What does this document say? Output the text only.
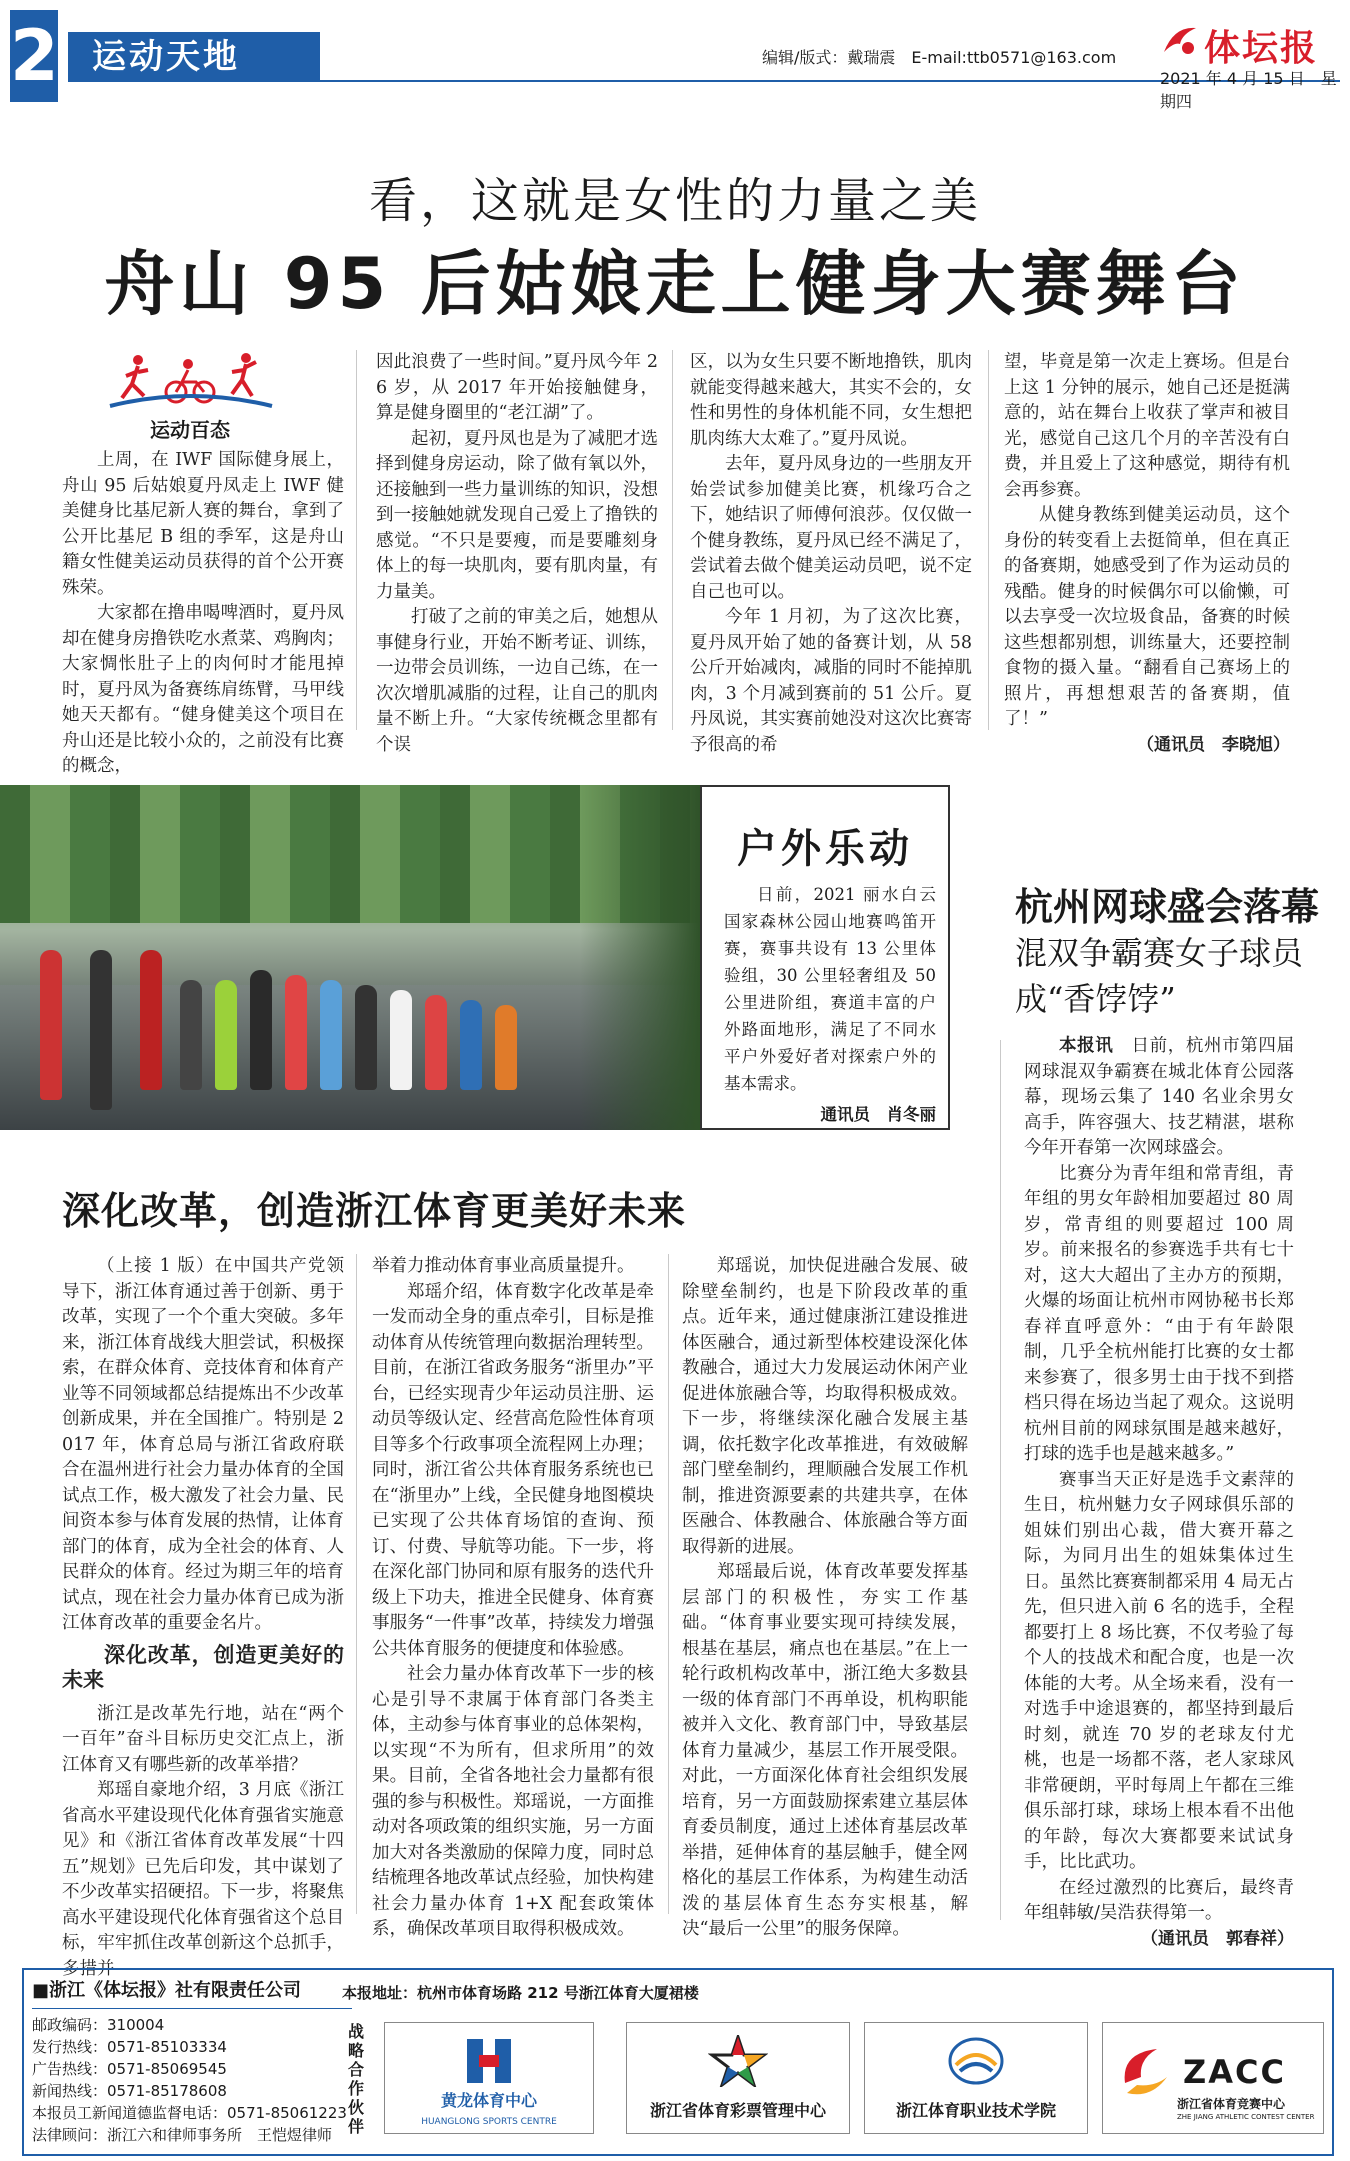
2 运动天地	编辑/版式：戴瑞震　E-mail:ttb0571@163.com 体坛报
2021 年 4 月 15 日　星期四
看，这就是女性的力量之美
舟山 95 后姑娘走上健身大赛舞台
运动百态

上周，在 IWF 国际健身展上，舟山 95 后姑娘夏丹凤走上 IWF 健美健身比基尼新人赛的舞台，拿到了公开比基尼 B 组的季军，这是舟山籍女性健美运动员获得的首个公开赛殊荣。

大家都在撸串喝啤酒时，夏丹凤却在健身房撸铁吃水煮菜、鸡胸肉；大家惆怅肚子上的肉何时才能甩掉时，夏丹凤为备赛练肩练臂，马甲线她天天都有。“健身健美这个项目在舟山还是比较小众的，之前没有比赛的概念，

因此浪费了一些时间。”夏丹凤今年 26 岁，从 2017 年开始接触健身，算是健身圈里的“老江湖”了。

起初，夏丹凤也是为了减肥才选择到健身房运动，除了做有氧以外，还接触到一些力量训练的知识，没想到一接触她就发现自己爱上了撸铁的感觉。“不只是要瘦，而是要雕刻身体上的每一块肌肉，要有肌肉量，有力量美。

打破了之前的审美之后，她想从事健身行业，开始不断考证、训练，一边带会员训练，一边自己练，在一次次增肌减脂的过程，让自己的肌肉量不断上升。“大家传统概念里都有个误

区，以为女生只要不断地撸铁，肌肉就能变得越来越大，其实不会的，女性和男性的身体机能不同，女生想把肌肉练大太难了。”夏丹凤说。

去年，夏丹凤身边的一些朋友开始尝试参加健美比赛，机缘巧合之下，她结识了师傅何浪莎。仅仅做一个健身教练，夏丹凤已经不满足了，尝试着去做个健美运动员吧，说不定自己也可以。

今年 1 月初，为了这次比赛，夏丹凤开始了她的备赛计划，从 58 公斤开始减肉，减脂的同时不能掉肌肉，3 个月减到赛前的 51 公斤。夏丹凤说，其实赛前她没对这次比赛寄予很高的希

望，毕竟是第一次走上赛场。但是台上这 1 分钟的展示，她自己还是挺满意的，站在舞台上收获了掌声和被目光，感觉自己这几个月的辛苦没有白费，并且爱上了这种感觉，期待有机会再参赛。

从健身教练到健美运动员，这个身份的转变看上去挺简单，但在真正的备赛期，她感受到了作为运动员的残酷。健身的时候偶尔可以偷懒，可以去享受一次垃圾食品，备赛的时候这些想都别想，训练量大，还要控制食物的摄入量。“翻看自己赛场上的照片，再想想艰苦的备赛期，值了！”

（通讯员　李晓旭）

户外乐动

日前，2021 丽水白云国家森林公园山地赛鸣笛开赛，赛事共设有 13 公里体验组，30 公里轻奢组及 50 公里进阶组，赛道丰富的户外路面地形，满足了不同水平户外爱好者对探索户外的基本需求。

通讯员　肖冬丽

杭州网球盛会落幕
混双争霸赛女子球员成“香饽饽”

本报讯　 日前，杭州市第四届网球混双争霸赛在城北体育公园落幕，现场云集了 140 名业余男女高手，阵容强大、技艺精湛，堪称今年开春第一次网球盛会。

比赛分为青年组和常青组，青年组的男女年龄相加要超过 80 周岁，常青组的则要超过 100 周岁。前来报名的参赛选手共有七十对，这大大超出了主办方的预期，火爆的场面让杭州市网协秘书长郑春祥直呼意外：“由于有年龄限制，几乎全杭州能打比赛的女士都来参赛了，很多男士由于找不到搭档只得在场边当起了观众。这说明杭州目前的网球氛围是越来越好，打球的选手也是越来越多。”

赛事当天正好是选手文素萍的生日，杭州魅力女子网球俱乐部的姐妹们别出心裁，借大赛开幕之际，为同月出生的姐妹集体过生日。虽然比赛赛制都采用 4 局无占先，但只进入前 6 名的选手，全程都要打上 8 场比赛，不仅考验了每个人的技战术和配合度，也是一次体能的大考。从全场来看，没有一对选手中途退赛的，都坚持到最后时刻，就连 70 岁的老球友付尤桃，也是一场都不落，老人家球风非常硬朗，平时每周上午都在三维俱乐部打球，球场上根本看不出他的年龄，每次大赛都要来试试身手，比比武功。

在经过激烈的比赛后，最终青年组韩敏/吴浩获得第一。

（通讯员　郭春祥）

深化改革，创造浙江体育更美好未来

（上接 1 版）在中国共产党领导下，浙江体育通过善于创新、勇于改革，实现了一个个重大突破。多年来，浙江体育战线大胆尝试，积极探索，在群众体育、竞技体育和体育产业等不同领域都总结提炼出不少改革创新成果，并在全国推广。特别是 2017 年，体育总局与浙江省政府联合在温州进行社会力量办体育的全国试点工作，极大激发了社会力量、民间资本参与体育发展的热情，让体育部门的体育，成为全社会的体育、人民群众的体育。经过为期三年的培育试点，现在社会力量办体育已成为浙江体育改革的重要金名片。

深化改革，创造更美好的未来

浙江是改革先行地，站在“两个一百年”奋斗目标历史交汇点上，浙江体育又有哪些新的改革举措？

郑瑶自豪地介绍，3 月底《浙江省高水平建设现代化体育强省实施意见》和《浙江省体育改革发展“十四五”规划》已先后印发，其中谋划了不少改革实招硬招。下一步，将聚焦高水平建设现代化体育强省这个总目标，牢牢抓住改革创新这个总抓手，多措并

举着力推动体育事业高质量提升。

郑瑶介绍，体育数字化改革是牵一发而动全身的重点牵引，目标是推动体育从传统管理向数据治理转型。目前，在浙江省政务服务“浙里办”平台，已经实现青少年运动员注册、运动员等级认定、经营高危险性体育项目等多个行政事项全流程网上办理；同时，浙江省公共体育服务系统也已在“浙里办”上线，全民健身地图模块已实现了公共体育场馆的查询、预订、付费、导航等功能。下一步，将在深化部门协同和原有服务的迭代升级上下功夫，推进全民健身、体育赛事服务“一件事”改革，持续发力增强公共体育服务的便捷度和体验感。

社会力量办体育改革下一步的核心是引导不隶属于体育部门各类主体，主动参与体育事业的总体架构，以实现“不为所有，但求所用”的效果。目前，全省各地社会力量都有很强的参与积极性。郑瑶说，一方面推动对各项政策的组织实施，另一方面加大对各类激励的保障力度，同时总结梳理各地改革试点经验，加快构建社会力量办体育 1+X 配套政策体系，确保改革项目取得积极成效。

郑瑶说，加快促进融合发展、破除壁垒制约，也是下阶段改革的重点。近年来，通过健康浙江建设推进体医融合，通过新型体校建设深化体教融合，通过大力发展运动休闲产业促进体旅融合等，均取得积极成效。下一步，将继续深化融合发展主基调，依托数字化改革推进，有效破解部门壁垒制约，理顺融合发展工作机制，推进资源要素的共建共享，在体医融合、体教融合、体旅融合等方面取得新的进展。

郑瑶最后说，体育改革要发挥基层部门的积极性，夯实工作基础。“体育事业要实现可持续发展，根基在基层，痛点也在基层。”在上一轮行政机构改革中，浙江绝大多数县一级的体育部门不再单设，机构职能被并入文化、教育部门中，导致基层体育力量减少，基层工作开展受限。对此，一方面深化体育社会组织发展培育，另一方面鼓励探索建立基层体育委员制度，通过上述体育基层改革举措，延伸体育的基层触手，健全网格化的基层工作体系，为构建生动活泼的基层体育生态夯实根基，解决“最后一公里”的服务保障。

■浙江《体坛报》社有限责任公司	本报地址：杭州市体育场路 212 号浙江体育大厦裙楼
邮政编码：310004
发行热线：0571-85103334
广告热线：0571-85069545
新闻热线：0571-85178608
本报员工新闻道德监督电话：0571-85061223
法律顾问：浙江六和律师事务所　王恺煜律师
战略合作伙伴
黄龙体育中心
HUANGLONG SPORTS CENTRE
浙江省体育彩票管理中心	浙江体育职业技术学院
ZACC
浙江省体育竞赛中心
ZHE JIANG ATHLETIC CONTEST CENTER
